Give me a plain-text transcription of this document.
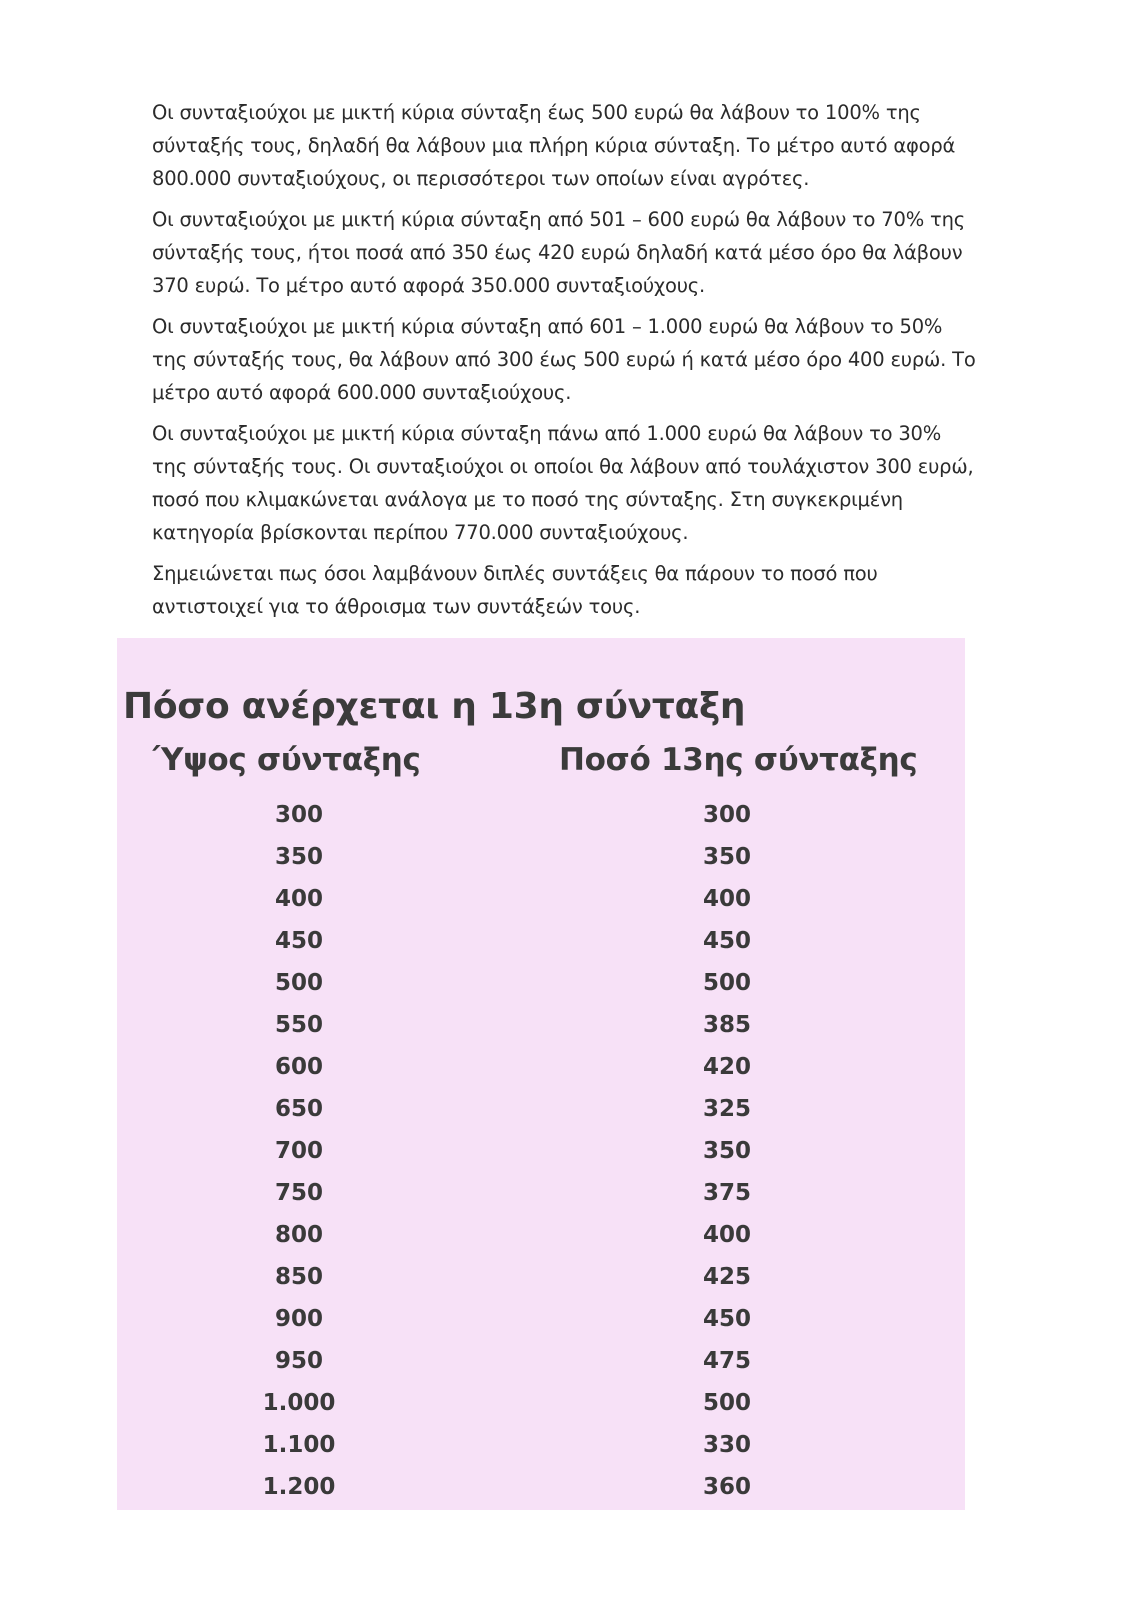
Οι συνταξιούχοι με μικτή κύρια σύνταξη έως 500 ευρώ θα λάβουν το 100% της
σύνταξής τους, δηλαδή θα λάβουν μια πλήρη κύρια σύνταξη. Το μέτρο αυτό αφορά
800.000 συνταξιούχους, οι περισσότεροι των οποίων είναι αγρότες.

Οι συνταξιούχοι με μικτή κύρια σύνταξη από 501 – 600 ευρώ θα λάβουν το 70% της
σύνταξής τους, ήτοι ποσά από 350 έως 420 ευρώ δηλαδή κατά μέσο όρο θα λάβουν
370 ευρώ. Το μέτρο αυτό αφορά 350.000 συνταξιούχους.

Οι συνταξιούχοι με μικτή κύρια σύνταξη από 601 – 1.000 ευρώ θα λάβουν το 50%
της σύνταξής τους, θα λάβουν από 300 έως 500 ευρώ ή κατά μέσο όρο 400 ευρώ. Το
μέτρο αυτό αφορά 600.000 συνταξιούχους.

Οι συνταξιούχοι με μικτή κύρια σύνταξη πάνω από 1.000 ευρώ θα λάβουν το 30%
της σύνταξής τους. Οι συνταξιούχοι οι οποίοι θα λάβουν από τουλάχιστον 300 ευρώ,
ποσό που κλιμακώνεται ανάλογα με το ποσό της σύνταξης. Στη συγκεκριμένη
κατηγορία βρίσκονται περίπου 770.000 συνταξιούχους.

Σημειώνεται πως όσοι λαμβάνουν διπλές συντάξεις θα πάρουν το ποσό που
αντιστοιχεί για το άθροισμα των συντάξεών τους.

Πόσο ανέρχεται η 13η σύνταξη
Ύψος σύνταξης	Ποσό 13ης σύνταξης
300	300
350	350
400	400
450	450
500	500
550	385
600	420
650	325
700	350
750	375
800	400
850	425
900	450
950	475
1.000	500
1.100	330
1.200	360
